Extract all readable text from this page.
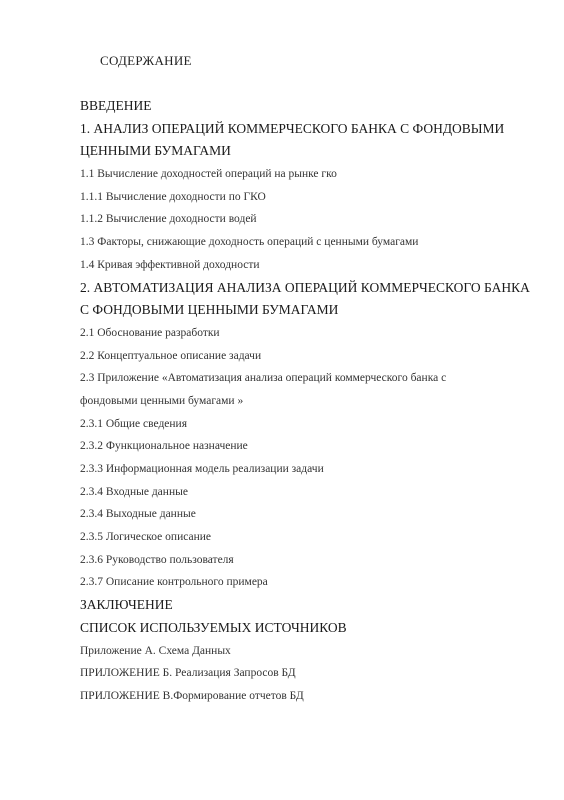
СОДЕРЖАНИЕ
ВВЕДЕНИЕ
1. АНАЛИЗ ОПЕРАЦИЙ КОММЕРЧЕСКОГО БАНКА С ФОНДОВЫМИ
ЦЕННЫМИ БУМАГАМИ
1.1 Вычисление доходностей операций на рынке гко
1.1.1 Вычисление доходности по ГКО
1.1.2 Вычисление доходности водей
1.3 Факторы, снижающие доходность операций с ценными бумагами
1.4 Кривая эффективной доходности
2. АВТОМАТИЗАЦИЯ АНАЛИЗА ОПЕРАЦИЙ КОММЕРЧЕСКОГО БАНКА
С ФОНДОВЫМИ ЦЕННЫМИ БУМАГАМИ
2.1 Обоснование разработки
2.2 Концептуальное описание задачи
2.3 Приложение «Автоматизация анализа операций коммерческого банка с
фондовыми ценными бумагами »
2.3.1 Общие сведения
2.3.2 Функциональное назначение
2.3.3 Информационная модель реализации задачи
2.3.4 Входные данные
2.3.4 Выходные данные
2.3.5 Логическое описание
2.3.6 Руководство пользователя
2.3.7 Описание контрольного примера
ЗАКЛЮЧЕНИЕ
СПИСОК ИСПОЛЬЗУЕМЫХ ИСТОЧНИКОВ
Приложение А. Схема Данных
ПРИЛОЖЕНИЕ Б. Реализация Запросов БД
ПРИЛОЖЕНИЕ В.Формирование отчетов БД
